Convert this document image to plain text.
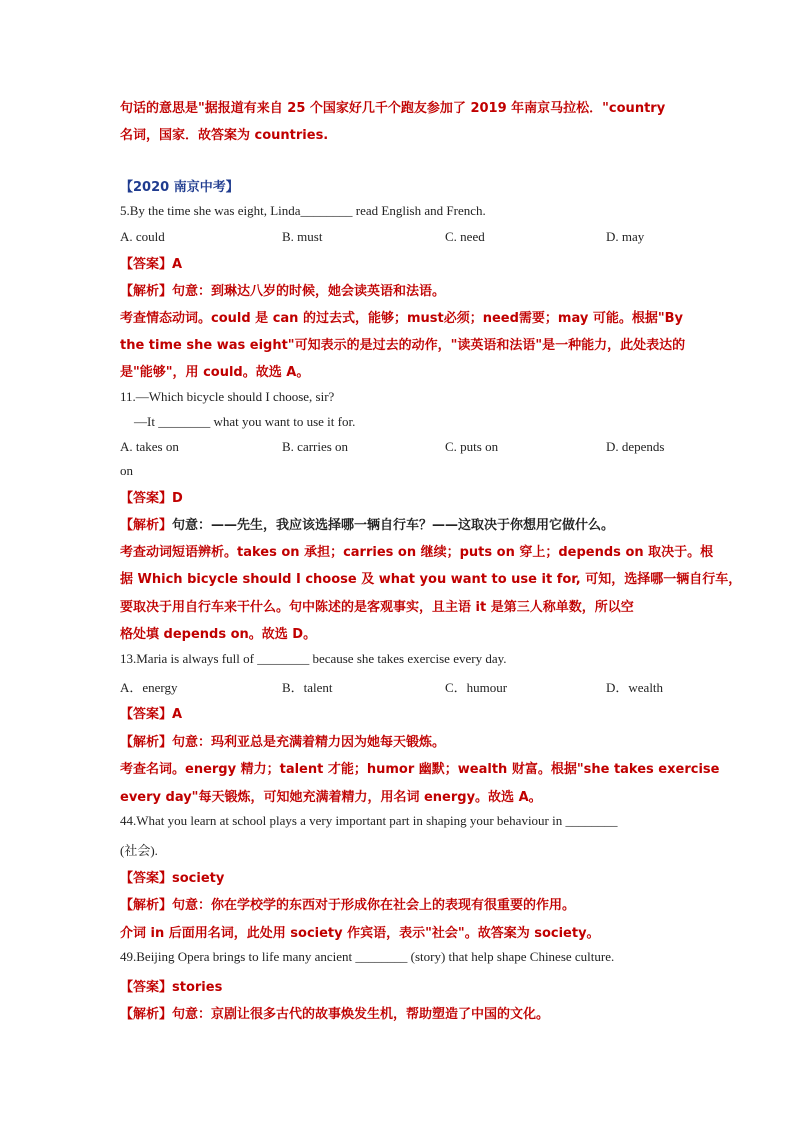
句话的意思是"据报道有来自 25 个国家好几千个跑友参加了 2019 年南京马拉松．"country
名词，国家．故答案为 countries.
【2020 南京中考】
5.By the time she was eight, Linda________ read English and French.
A. could	B. must	C. need	D. may
【答案】A
【解析】句意：到琳达八岁的时候，她会读英语和法语。
考查情态动词。could 是 can 的过去式，能够；must必须；need需要；may 可能。根据"By
the time she was eight"可知表示的是过去的动作，"读英语和法语"是一种能力，此处表达的
是"能够"，用 could。故选 A。
11.—Which bicycle should I choose, sir?
—It ________ what you want to use it for.
A. takes on	B. carries on	C. puts on	D. depends
on
【答案】D
【解析】句意：——先生，我应该选择哪一辆自行车？——这取决于你想用它做什么。
考查动词短语辨析。takes on 承担；carries on 继续；puts on 穿上；depends on 取决于。根
据 Which bicycle should I choose 及 what you want to use it for, 可知，选择哪一辆自行车，
要取决于用自行车来干什么。句中陈述的是客观事实，且主语 it 是第三人称单数，所以空
格处填 depends on。故选 D。
13.Maria is always full of ________ because she takes exercise every day.
A．energy	B．talent	C．humour	D．wealth
【答案】A
【解析】句意：玛利亚总是充满着精力因为她每天锻炼。
考查名词。energy 精力；talent 才能；humor 幽默；wealth 财富。根据"she takes exercise
every day"每天锻炼，可知她充满着精力，用名词 energy。故选 A。
44.What you learn at school plays a very important part in shaping your behaviour in ________
(社会).
【答案】society
【解析】句意：你在学校学的东西对于形成你在社会上的表现有很重要的作用。
介词 in 后面用名词，此处用 society 作宾语，表示"社会"。故答案为 society。
49.Beijing Opera brings to life many ancient ________ (story) that help shape Chinese culture.
【答案】stories
【解析】句意：京剧让很多古代的故事焕发生机，帮助塑造了中国的文化。
